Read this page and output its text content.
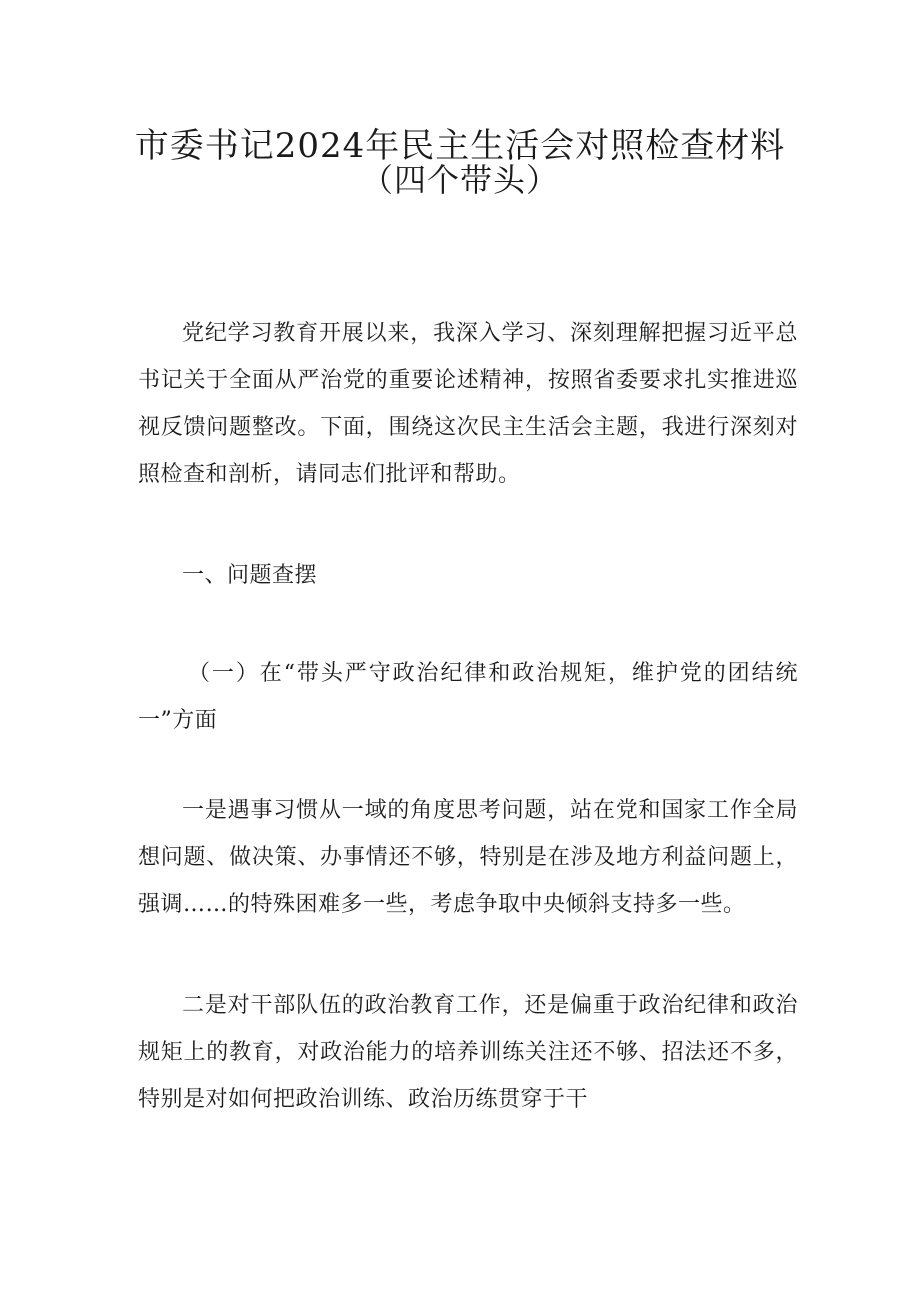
市委书记2024年民主生活会对照检查材料
（四个带头）

党纪学习教育开展以来，我深入学习、深刻理解把握习近平总书记关于全面从严治党的重要论述精神，按照省委要求扎实推进巡视反馈问题整改。下面，围绕这次民主生活会主题，我进行深刻对照检查和剖析，请同志们批评和帮助。

一、问题查摆

（一）在“带头严守政治纪律和政治规矩，维护党的团结统一”方面

一是遇事习惯从一域的角度思考问题，站在党和国家工作全局想问题、做决策、办事情还不够，特别是在涉及地方利益问题上，强调……的特殊困难多一些，考虑争取中央倾斜支持多一些。

二是对干部队伍的政治教育工作，还是偏重于政治纪律和政治规矩上的教育，对政治能力的培养训练关注还不够、招法还不多，特别是对如何把政治训练、政治历练贯穿于干
